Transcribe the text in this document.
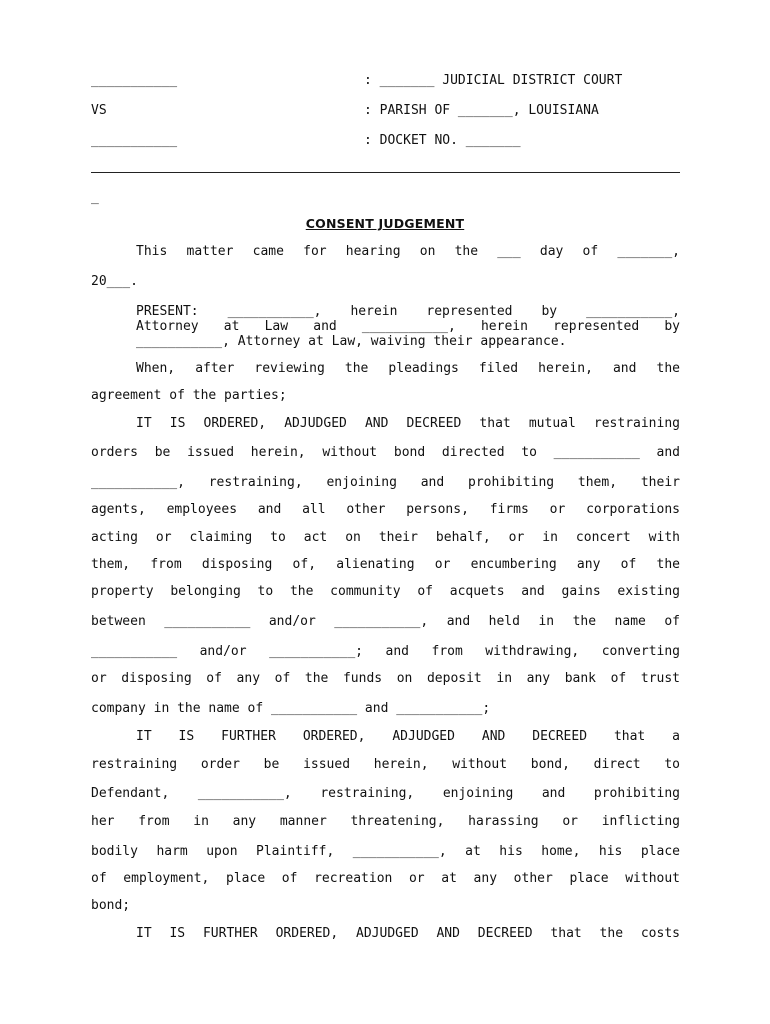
___________	: _______ JUDICIAL DISTRICT COURT
VS	: PARISH OF _______, LOUISIANA
___________	: DOCKET NO. _______
_
CONSENT JUDGEMENT
This matter came for hearing on the ___ day of _______,
20___.
PRESENT: ___________, herein represented by ___________,
Attorney at Law and ___________, herein represented by
___________, Attorney at Law, waiving their appearance.
When, after reviewing the pleadings filed herein, and the
agreement of the parties;
IT IS ORDERED, ADJUDGED AND DECREED that mutual restraining
orders be issued herein, without bond directed to ___________ and
___________, restraining, enjoining and prohibiting them, their
agents, employees and all other persons, firms or corporations
acting or claiming to act on their behalf, or in concert with
them, from disposing of, alienating or encumbering any of the
property belonging to the community of acquets and gains existing
between ___________ and/or ___________, and held in the name of
___________ and/or ___________; and from withdrawing, converting
or disposing of any of the funds on deposit in any bank of trust
company in the name of ___________ and ___________;
IT IS FURTHER ORDERED, ADJUDGED AND DECREED that a
restraining order be issued herein, without bond, direct to
Defendant, ___________, restraining, enjoining and prohibiting
her from in any manner threatening, harassing or inflicting
bodily harm upon Plaintiff, ___________, at his home, his place
of employment, place of recreation or at any other place without
bond;
IT IS FURTHER ORDERED, ADJUDGED AND DECREED that the costs
